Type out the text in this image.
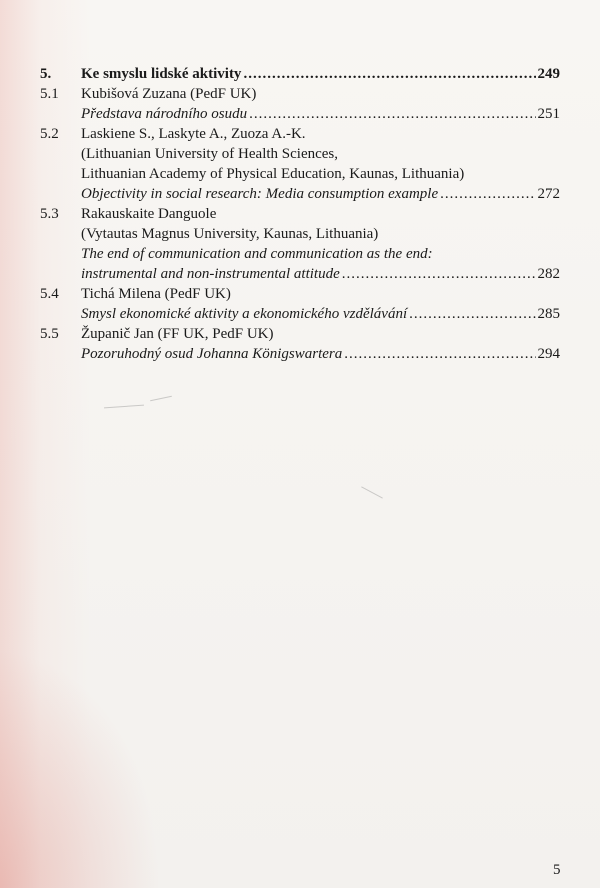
5.	Ke smyslu lidské aktivity .....	249
5.1	Kubišová Zuzana (PedF UK)
Představa národního osudu .....	251
5.2	Laskiene S., Laskyte A., Zuoza A.-K.
(Lithuanian University of Health Sciences,
Lithuanian Academy of Physical Education, Kaunas, Lithuania)
Objectivity in social research: Media consumption example .....	272
5.3	Rakauskaite Danguole
(Vytautas Magnus University, Kaunas, Lithuania)
The end of communication and communication as the end:
instrumental and non-instrumental attitude .....	282
5.4	Tichá Milena (PedF UK)
Smysl ekonomické aktivity a ekonomického vzdělávání .....	285
5.5	Županič Jan (FF UK, PedF UK)
Pozoruhodný osud Johanna Königswartera .....	294
5
